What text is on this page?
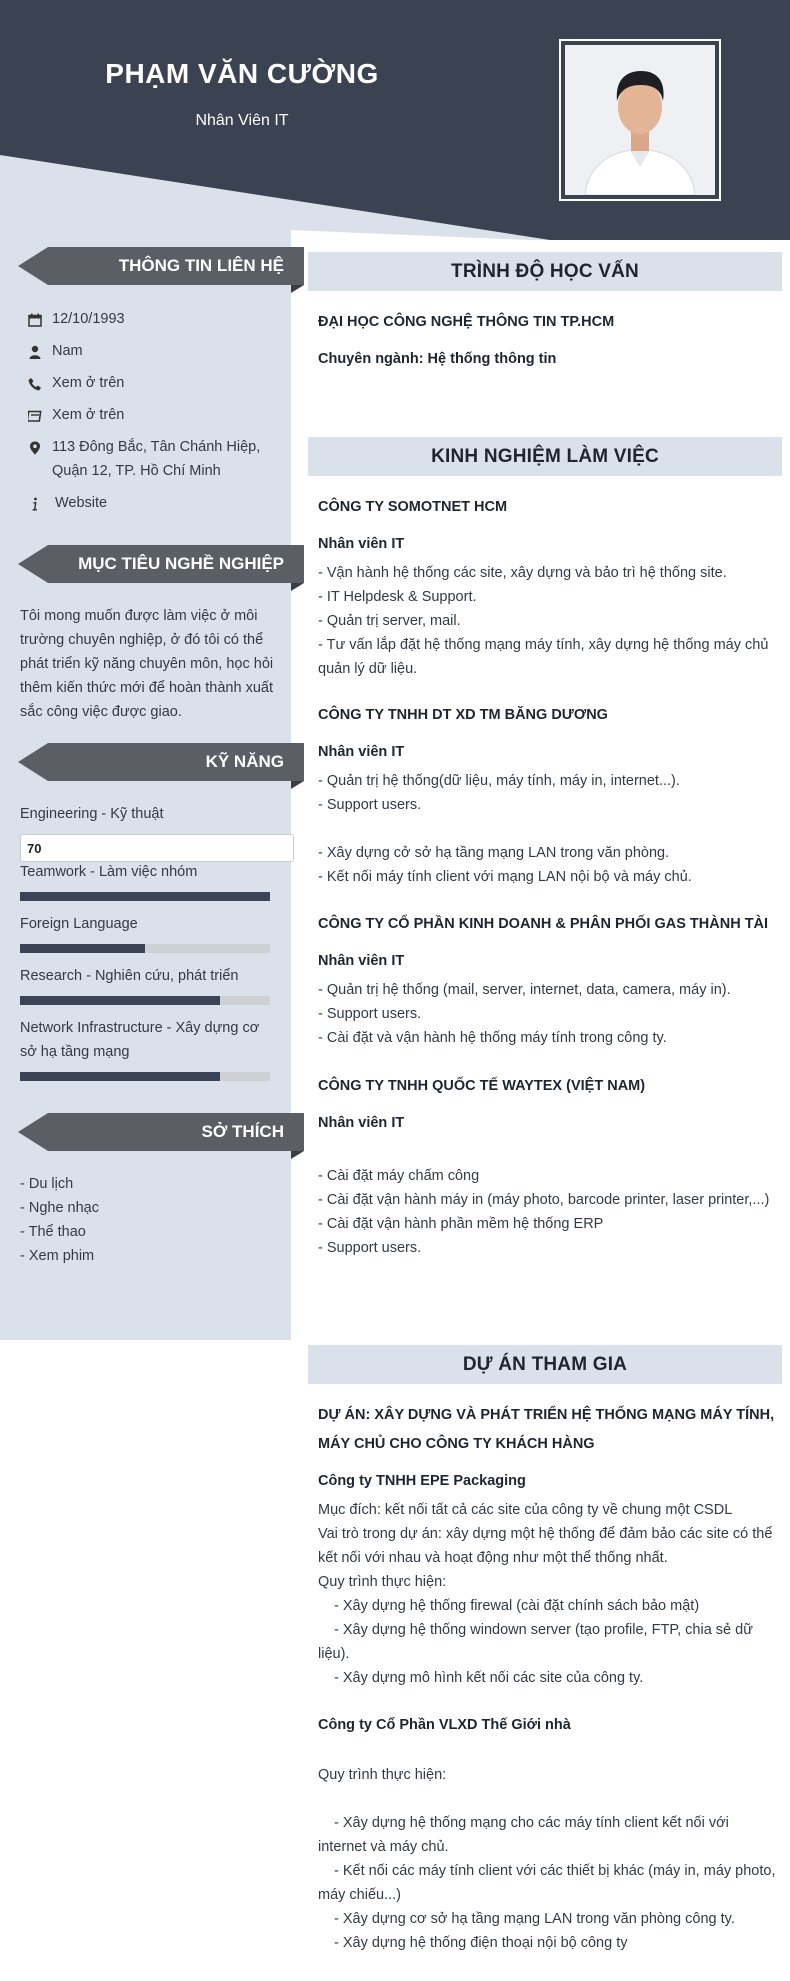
PHẠM VĂN CƯỜNG
Nhân Viên IT
THÔNG TIN LIÊN HỆ
12/10/1993
Nam
Xem ở trên
Xem ở trên
113 Đông Bắc, Tân Chánh Hiệp, Quận 12, TP. Hồ Chí Minh
Website
MỤC TIÊU NGHỀ NGHIỆP
Tôi mong muốn được làm việc ở môi trường chuyên nghiệp, ở đó tôi có thể phát triển kỹ năng chuyên môn, học hỏi thêm kiến thức mới để hoàn thành xuất sắc công việc được giao.
KỸ NĂNG
Engineering - Kỹ thuật
70
Teamwork - Làm việc nhóm
Foreign Language
Research - Nghiên cứu, phát triển
Network Infrastructure - Xây dựng cơ sở hạ tầng mạng
SỞ THÍCH
- Du lịch
- Nghe nhạc
- Thể thao
- Xem phim
TRÌNH ĐỘ HỌC VẤN
ĐẠI HỌC CÔNG NGHỆ THÔNG TIN TP.HCM
Chuyên ngành: Hệ thống thông tin
KINH NGHIỆM LÀM VIỆC
CÔNG TY SOMOTNET HCM
Nhân viên IT
- Vận hành hệ thống các site, xây dựng và bảo trì hệ thống site.
- IT Helpdesk & Support.
- Quản trị server, mail.
- Tư vấn lắp đặt hệ thống mạng máy tính, xây dựng hệ thống máy chủ quản lý dữ liệu.
CÔNG TY TNHH DT XD TM BĂNG DƯƠNG
Nhân viên IT
- Quản trị hệ thống(dữ liệu, máy tính, máy in, internet...).
- Support users.
- Xây dựng cở sở hạ tầng mạng LAN trong văn phòng.
- Kết nối máy tính client với mạng LAN nội bộ và máy chủ.
CÔNG TY CỔ PHẦN KINH DOANH & PHÂN PHỐI GAS THÀNH TÀI
Nhân viên IT
- Quản trị hệ thống (mail, server, internet, data, camera, máy in).
- Support users.
- Cài đặt và vận hành hệ thống máy tính trong công ty.
CÔNG TY TNHH QUỐC TẾ WAYTEX (VIỆT NAM)
Nhân viên IT
- Cài đặt máy chấm công
- Cài đặt vận hành máy in (máy photo, barcode printer, laser printer,...)
- Cài đặt vận hành phần mềm hệ thống ERP
- Support users.
DỰ ÁN THAM GIA
DỰ ÁN: XÂY DỰNG VÀ PHÁT TRIỂN HỆ THỐNG MẠNG MÁY TÍNH, MÁY CHỦ CHO CÔNG TY KHÁCH HÀNG
Công ty TNHH EPE Packaging
Mục đích: kết nối tất cả các site của công ty về chung một CSDL
Vai trò trong dự án: xây dựng một hệ thống để đảm bảo các site có thể kết nối với nhau và hoạt động như một thể thống nhất.
Quy trình thực hiện:
- Xây dựng hệ thống firewal (cài đặt chính sách bảo mật)
- Xây dựng hệ thống windown server (tạo profile, FTP, chia sẻ dữ liệu).
- Xây dựng mô hình kết nối các site của công ty.
Công ty Cổ Phần VLXD Thế Giới nhà
Quy trình thực hiện:
- Xây dựng hệ thống mạng cho các máy tính client kết nối với internet và máy chủ.
- Kết nối các máy tính client với các thiết bị khác (máy in, máy photo, máy chiếu...)
- Xây dựng cơ sở hạ tầng mạng LAN trong văn phòng công ty.
- Xây dựng hệ thống điện thoại nội bộ công ty
